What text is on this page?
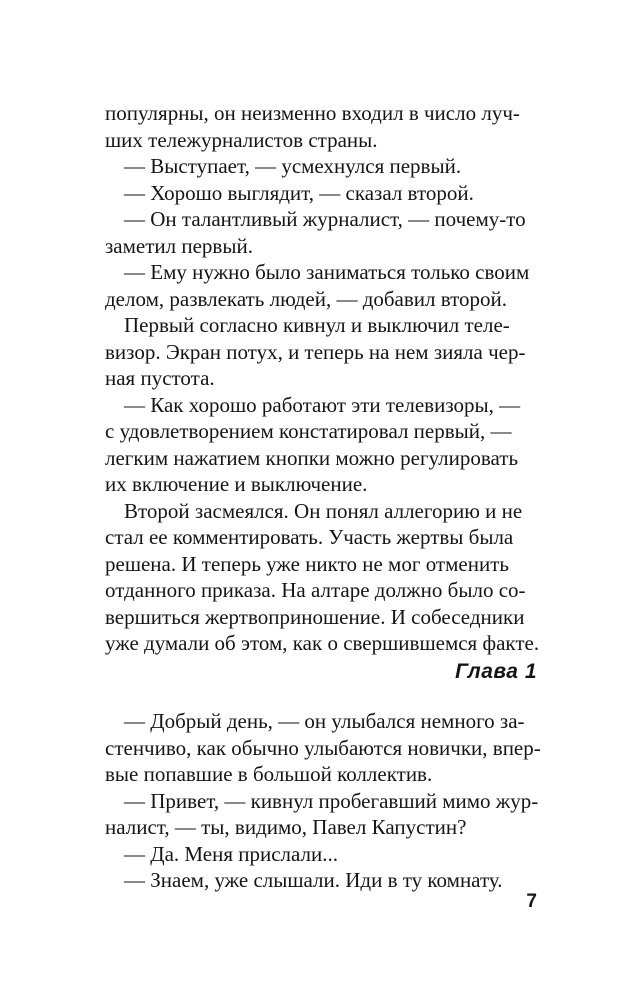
популярны, он неизменно входил в число луч-

ших тележурналистов страны.

— Выступает, — усмехнулся первый.

— Хорошо выглядит, — сказал второй.

— Он талантливый журналист, — почему-то

заметил первый.

— Ему нужно было заниматься только своим

делом, развлекать людей, — добавил второй.

Первый согласно кивнул и выключил теле-

визор. Экран потух, и теперь на нем зияла чер-

ная пустота.

— Как хорошо работают эти телевизоры, —

с удовлетворением констатировал первый, —

легким нажатием кнопки можно регулировать

их включение и выключение.

Второй засмеялся. Он понял аллегорию и не

стал ее комментировать. Участь жертвы была

решена. И теперь уже никто не мог отменить

отданного приказа. На алтаре должно было со-

вершиться жертвоприношение. И собеседники

уже думали об этом, как о свершившемся факте.

Глава 1

— Добрый день, — он улыбался немного за-

стенчиво, как обычно улыбаются новички, впер-

вые попавшие в большой коллектив.

— Привет, — кивнул пробегавший мимо жур-

налист, — ты, видимо, Павел Капустин?

— Да. Меня прислали...

— Знаем, уже слышали. Иди в ту комнату.

7
